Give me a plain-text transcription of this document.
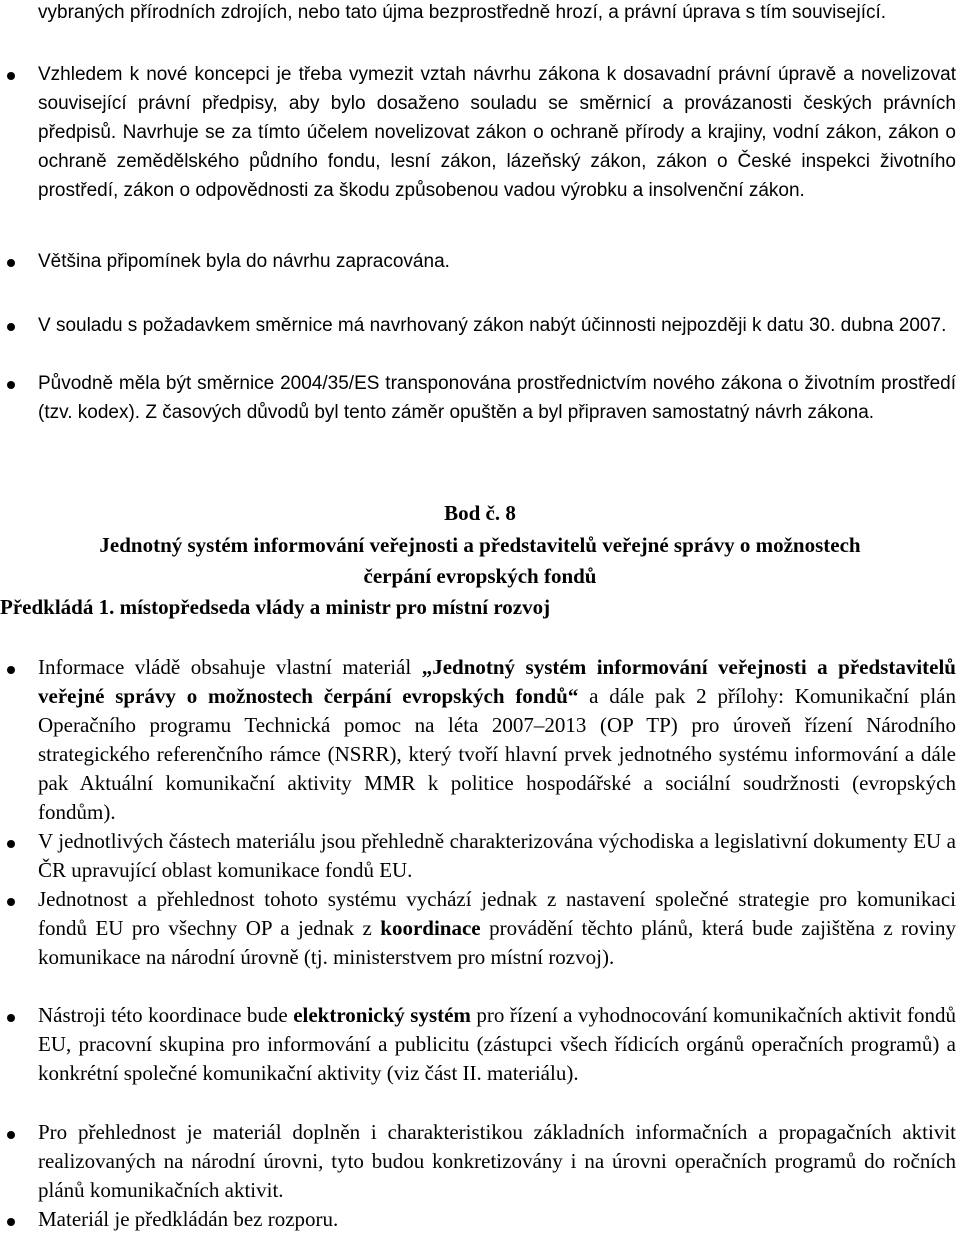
vybraných přírodních zdrojích, nebo tato újma bezprostředně hrozí, a právní úprava s tím související.

Vzhledem k nové koncepci je třeba vymezit vztah návrhu zákona k dosavadní právní úpravě a novelizovat související právní předpisy, aby bylo dosaženo souladu se směrnicí a provázanosti českých právních předpisů. Navrhuje se za tímto účelem novelizovat zákon o ochraně přírody a krajiny, vodní zákon, zákon o ochraně zemědělského půdního fondu, lesní zákon, lázeňský zákon, zákon o České inspekci životního prostředí, zákon o odpovědnosti za škodu způsobenou vadou výrobku a insolvenční zákon.

Většina připomínek byla do návrhu zapracována.

V souladu s požadavkem směrnice má navrhovaný zákon nabýt účinnosti nejpozději k datu 30. dubna 2007.

Původně měla být směrnice 2004/35/ES transponována prostřednictvím nového zákona o životním prostředí (tzv. kodex). Z časových důvodů byl tento záměr opuštěn a byl připraven samostatný návrh zákona.

Bod č. 8

Jednotný systém informování veřejnosti a představitelů veřejné správy o možnostech

čerpání evropských fondů

Předkládá 1. místopředseda vlády a ministr pro místní rozvoj

Informace vládě obsahuje vlastní materiál „Jednotný systém informování veřejnosti a představitelů veřejné správy o možnostech čerpání evropských fondů“ a dále pak 2 přílohy: Komunikační plán Operačního programu Technická pomoc na léta 2007–2013 (OP TP) pro úroveň řízení Národního strategického referenčního rámce (NSRR), který tvoří hlavní prvek jednotného systému informování a dále pak Aktuální komunikační aktivity MMR k politice hospodářské a sociální soudržnosti (evropských fondům).

V jednotlivých částech materiálu jsou přehledně charakterizována východiska a legislativní dokumenty EU a ČR upravující oblast komunikace fondů EU.

Jednotnost a přehlednost tohoto systému vychází jednak z nastavení společné strategie pro komunikaci fondů EU pro všechny OP a jednak z koordinace provádění těchto plánů, která bude zajištěna z roviny komunikace na národní úrovně (tj. ministerstvem pro místní rozvoj).

Nástroji této koordinace bude elektronický systém pro řízení a vyhodnocování komunikačních aktivit fondů EU, pracovní skupina pro informování a publicitu (zástupci všech řídicích orgánů operačních programů) a konkrétní společné komunikační aktivity (viz část II. materiálu).

Pro přehlednost je materiál doplněn i charakteristikou základních informačních a propagačních aktivit realizovaných na národní úrovni, tyto budou konkretizovány i na úrovni operačních programů do ročních plánů komunikačních aktivit.

Materiál je předkládán bez rozporu.
